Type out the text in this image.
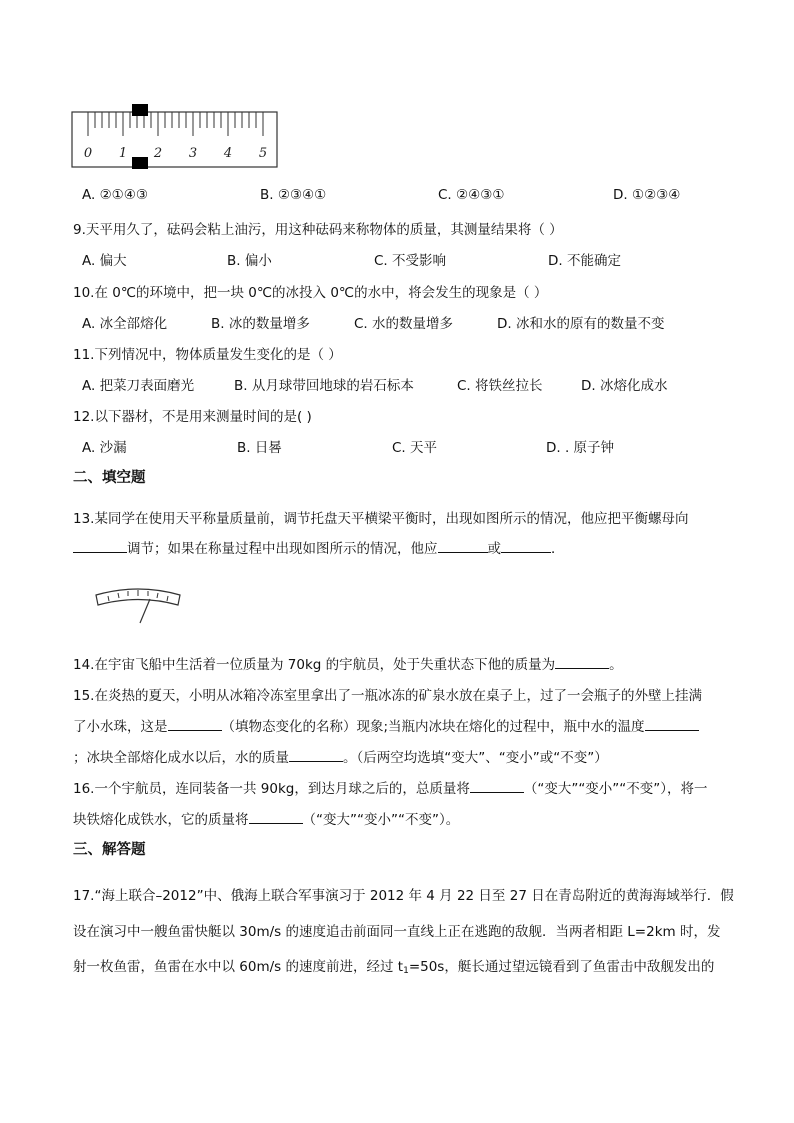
0 1 2 3 4 5
A. ②①④③	B. ②③④①	C. ②④③①	D. ①②③④
9.天平用久了，砝码会粘上油污，用这种砝码来称物体的质量，其测量结果将（ ）
A. 偏大	B. 偏小	C. 不受影响	D. 不能确定
10.在 0℃的环境中，把一块 0℃的冰投入 0℃的水中，将会发生的现象是（ ）
A. 冰全部熔化	B. 冰的数量增多	C. 水的数量增多	D. 冰和水的原有的数量不变
11.下列情况中，物体质量发生变化的是（ ）
A. 把菜刀表面磨光	B. 从月球带回地球的岩石标本	C. 将铁丝拉长	D. 冰熔化成水
12.以下器材，不是用来测量时间的是( )
A. 沙漏	B. 日晷	C. 天平	D. . 原子钟
二、填空题
13.某同学在使用天平称量质量前，调节托盘天平横梁平衡时，出现如图所示的情况，他应把平衡螺母向
调节；如果在称量过程中出现如图所示的情况，他应	或	．
14.在宇宙飞船中生活着一位质量为 70kg 的宇航员，处于失重状态下他的质量为	。
15.在炎热的夏天，小明从冰箱冷冻室里拿出了一瓶冰冻的矿泉水放在桌子上，过了一会瓶子的外壁上挂满
了小水珠，这是	（填物态变化的名称）现象;当瓶内冰块在熔化的过程中，瓶中水的温度
；冰块全部熔化成水以后，水的质量	。（后两空均选填“变大”、“变小”或“不变”）
16.一个宇航员，连同装备一共 90kg，到达月球之后的，总质量将	（“变大”“变小”“不变”），将一
块铁熔化成铁水，它的质量将	（“变大”“变小”“不变”）。
三、解答题
17.“海上联合–2012”中、俄海上联合军事演习于 2012 年 4 月 22 日至 27 日在青岛附近的黄海海域举行．假
设在演习中一艘鱼雷快艇以 30m/s 的速度追击前面同一直线上正在逃跑的敌舰．当两者相距 L=2km 时，发
射一枚鱼雷，鱼雷在水中以 60m/s 的速度前进，经过 $t_1=50s$，艇长通过望远镜看到了鱼雷击中敌舰发出的
